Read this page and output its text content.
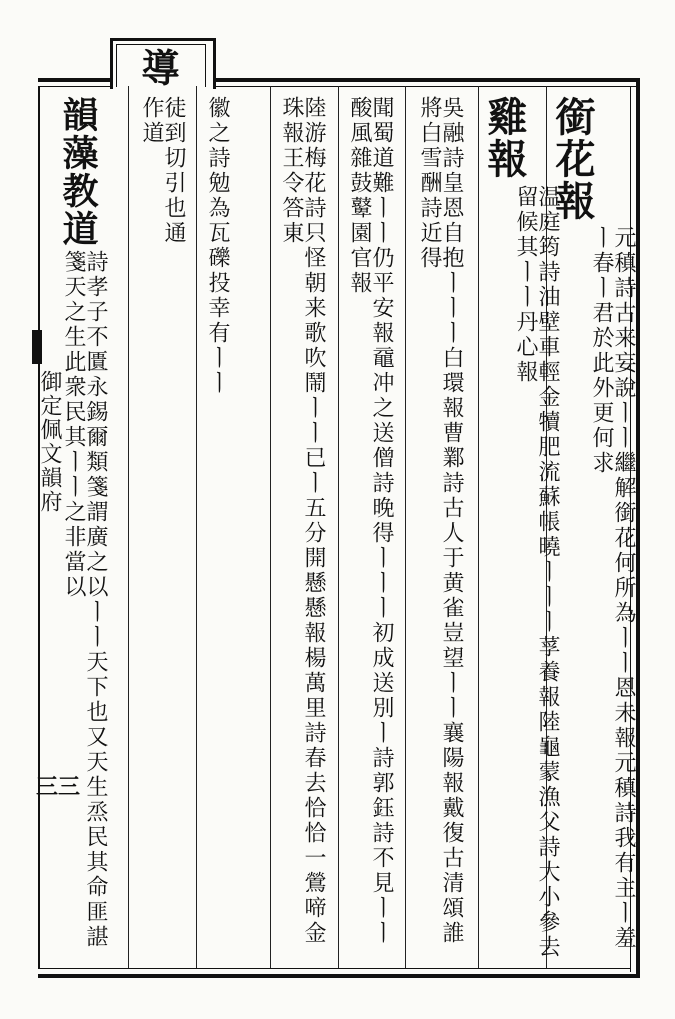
御定佩文韻府
三三
導
銜花報
元稹詩古来妄說ㅣㅣ繼解銜花何所為ㅣㅣ恩未報元稹詩我有主ㅣ羞ㅣ春ㅣ君於此外更何求
雞報
温庭筠詩油壁車輕金犢肥流蘇帳曉ㅣㅣㅣ莩養報陸龜蒙漁父詩大小參去留候其ㅣㅣ丹心報
吳融詩皇恩自抱ㅣㅣㅣ白環報曹鄴詩古人于黄雀豈望ㅣㅣ襄陽報戴復古清頌誰將白雪酬詩近得
聞蜀道難ㅣㅣ仍平安報黿冲之送僧詩晚得ㅣㅣㅣ初成送別ㅣ詩郭鈺詩不見ㅣㅣ酸風雜鼓鼙園官報
陸游梅花詩只怪朝来歌吹鬧ㅣㅣ已ㅣ五分開懸懸報楊萬里詩春去恰恰一鶯啼金珠報王令答東
徽之詩勉為瓦礫投幸有ㅣㅣ
徒到切引也通作道
韻藻教道
詩孝子不匱永錫爾類箋謂廣之以ㅣㅣ天下也又天生烝民其命匪諶箋天之生此衆民其ㅣㅣ之非當以
